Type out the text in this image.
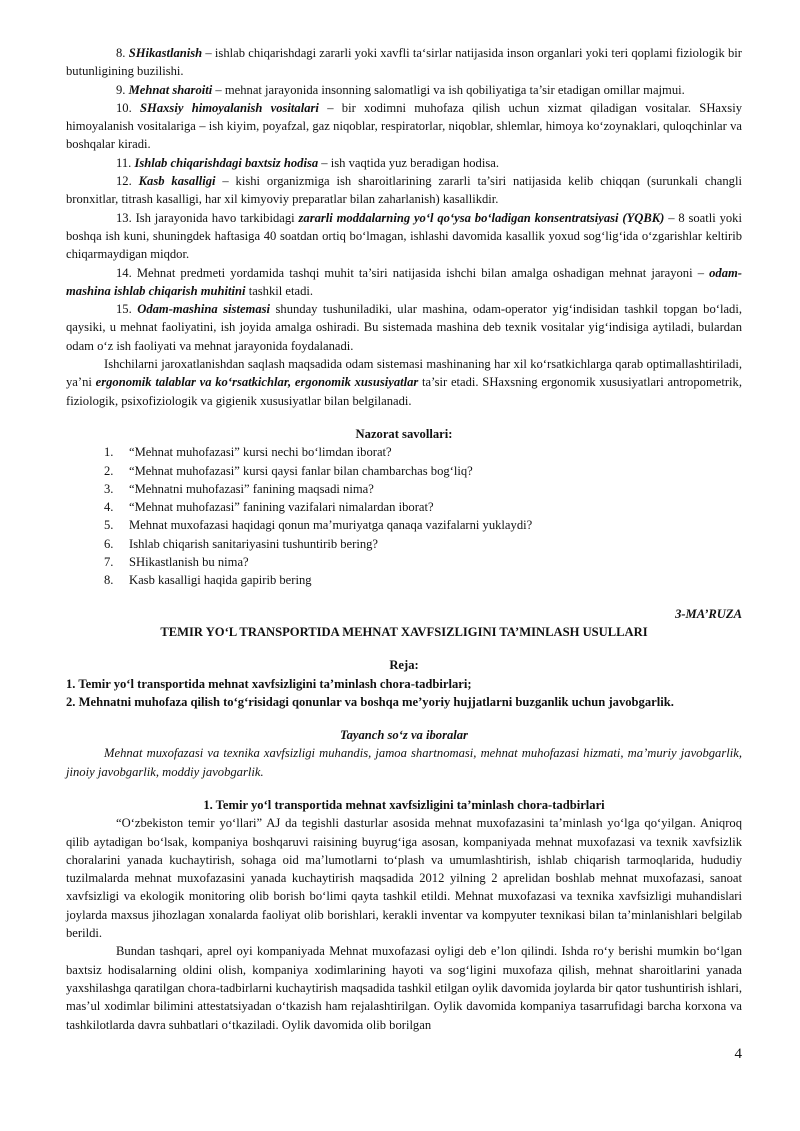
8. SHikastlanish – ishlab chiqarishdagi zararli yoki xavfli ta‘sirlar natijasida inson organlari yoki teri qoplami fiziologik bir butunligining buzilishi.

9. Mehnat sharoiti – mehnat jarayonida insonning salomatligi va ish qobiliyatiga ta’sir etadigan omillar majmui.

10. SHaxsiy himoyalanish vositalari – bir xodimni muhofaza qilish uchun xizmat qiladigan vositalar. SHaxsiy himoyalanish vositalariga – ish kiyim, poyafzal, gaz niqoblar, respiratorlar, niqoblar, shlemlar, himoya ko‘zoynaklari, quloqchinlar va boshqalar kiradi.

11. Ishlab chiqarishdagi baxtsiz hodisa – ish vaqtida yuz beradigan hodisa.

12. Kasb kasalligi – kishi organizmiga ish sharoitlarining zararli ta’siri natijasida kelib chiqqan (surunkali changli bronxitlar, titrash kasalligi, har xil kimyoviy preparatlar bilan zaharlanish) kasallikdir.

13. Ish jarayonida havo tarkibidagi zararli moddalarning yo‘l qo‘ysa bo‘ladigan konsentratsiyasi (YQBK) – 8 soatli yoki boshqa ish kuni, shuningdek haftasiga 40 soatdan ortiq bo‘lmagan, ishlashi davomida kasallik yoxud sog‘lig‘ida o‘zgarishlar keltirib chiqarmaydigan miqdor.

14. Mehnat predmeti yordamida tashqi muhit ta’siri natijasida ishchi bilan amalga oshadigan mehnat jarayoni – odam-mashina ishlab chiqarish muhitini tashkil etadi.

15. Odam-mashina sistemasi shunday tushuniladiki, ular mashina, odam-operator yig‘indisidan tashkil topgan bo‘ladi, qaysiki, u mehnat faoliyatini, ish joyida amalga oshiradi. Bu sistemada mashina deb texnik vositalar yig‘indisiga aytiladi, bulardan odam o‘z ish faoliyati va mehnat jarayonida foydalanadi.

Ishchilarni jaroxatlanishdan saqlash maqsadida odam sistemasi mashinaning har xil ko‘rsatkichlarga qarab optimallashtiriladi, ya’ni ergonomik talablar va ko‘rsatkichlar, ergonomik xususiyatlar ta’sir etadi. SHaxsning ergonomik xususiyatlari antropometrik, fiziologik, psixofiziologik va gigienik xususiyatlar bilan belgilanadi.

Nazorat savollari:

1.	“Mehnat muhofazasi” kursi nechi bo‘limdan iborat?
2.	“Mehnat muhofazasi” kursi qaysi fanlar bilan chambarchas bog‘liq?
3.	“Mehnatni muhofazasi” fanining maqsadi nima?
4.	“Mehnat muhofazasi” fanining vazifalari nimalardan iborat?
5.	Mehnat muxofazasi haqidagi qonun ma’muriyatga qanaqa vazifalarni yuklaydi?
6.	Ishlab chiqarish sanitariyasini tushuntirib bering?
7.	SHikastlanish bu nima?
8.	Kasb kasalligi haqida gapirib bering

3-MA’RUZA

TEMIR YO‘L TRANSPORTIDA MEHNAT XAVFSIZLIGINI TA’MINLASH USULLARI

Reja:

1. Temir yo‘l transportida mehnat xavfsizligini ta’minlash chora-tadbirlari;

2. Mehnatni muhofaza qilish to‘g‘risidagi qonunlar va boshqa me’yoriy hujjatlarni buzganlik uchun javobgarlik.

Tayanch so‘z va iboralar

Mehnat muxofazasi va texnika xavfsizligi muhandis, jamoa shartnomasi, mehnat muhofazasi hizmati, ma’muriy javobgarlik, jinoiy javobgarlik, moddiy javobgarlik.

1. Temir yo‘l transportida mehnat xavfsizligini ta’minlash chora-tadbirlari

“O‘zbekiston temir yo‘llari” AJ da tegishli dasturlar asosida mehnat muxofazasini ta’minlash yo‘lga qo‘yilgan. Aniqroq qilib aytadigan bo‘lsak, kompaniya boshqaruvi raisining buyrug‘iga asosan, kompaniyada mehnat muxofazasi va texnik xavfsizlik choralarini yanada kuchaytirish, sohaga oid ma’lumotlarni to‘plash va umumlashtirish, ishlab chiqarish tarmoqlarida, hududiy tuzilmalarda mehnat muxofazasini yanada kuchaytirish maqsadida 2012 yilning 2 aprelidan boshlab mehnat muxofazasi, sanoat xavfsizligi va ekologik monitoring olib borish bo‘limi qayta tashkil etildi. Mehnat muxofazasi va texnika xavfsizligi muhandislari joylarda maxsus jihozlagan xonalarda faoliyat olib borishlari, kerakli inventar va kompyuter texnikasi bilan ta’minlanishlari belgilab berildi.

Bundan tashqari, aprel oyi kompaniyada Mehnat muxofazasi oyligi deb e’lon qilindi. Ishda ro‘y berishi mumkin bo‘lgan baxtsiz hodisalarning oldini olish, kompaniya xodimlarining hayoti va sog‘ligini muxofaza qilish, mehnat sharoitlarini yanada yaxshilashga qaratilgan chora-tadbirlarni kuchaytirish maqsadida tashkil etilgan oylik davomida joylarda bir qator tushuntirish ishlari, mas’ul xodimlar bilimini attestatsiyadan o‘tkazish ham rejalashtirilgan. Oylik davomida kompaniya tasarrufidagi barcha korxona va tashkilotlarda davra suhbatlari o‘tkaziladi. Oylik davomida olib borilgan

4
